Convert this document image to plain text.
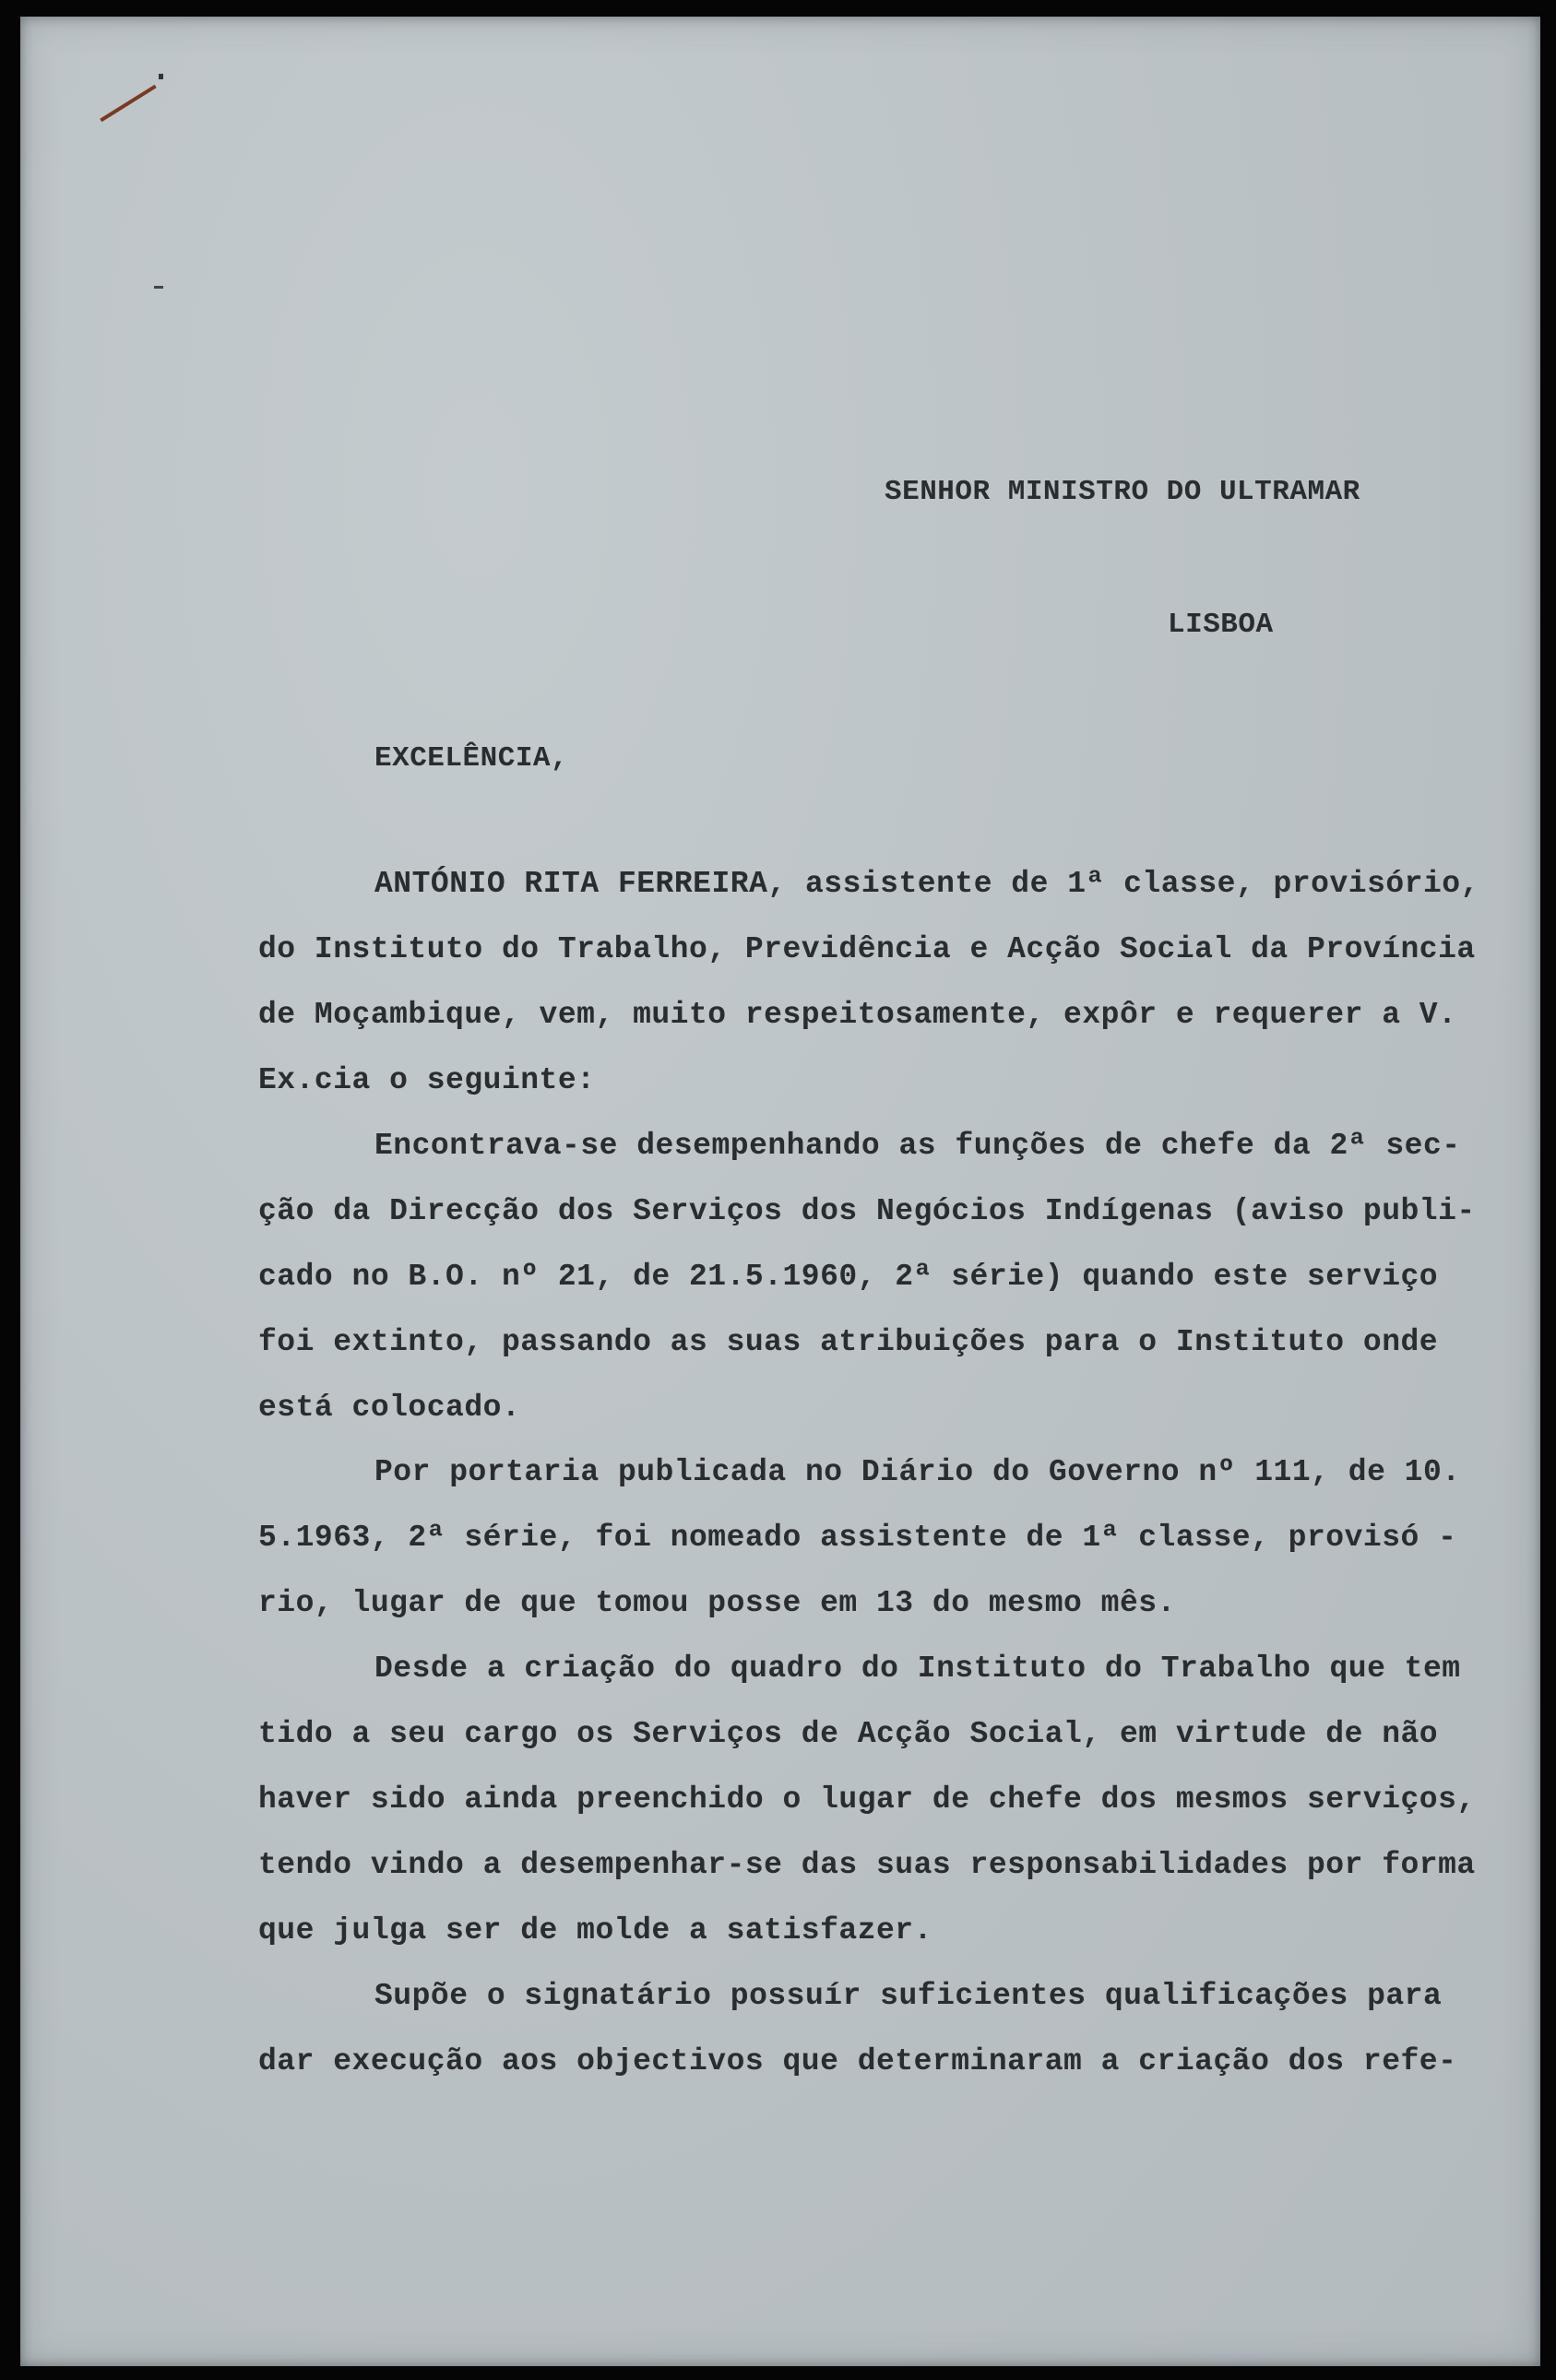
SENHOR MINISTRO DO ULTRAMAR
LISBOA
EXCELÊNCIA,
ANTÓNIO RITA FERREIRA, assistente de 1ª classe, provisório,
do Instituto do Trabalho, Previdência e Acção Social da Província
de Moçambique, vem, muito respeitosamente, expôr e requerer a V.
Ex.cia o seguinte:
Encontrava-se desempenhando as funções de chefe da 2ª sec-
ção da Direcção dos Serviços dos Negócios Indígenas (aviso publi-
cado no B.O. nº 21, de 21.5.1960, 2ª série) quando este serviço
foi extinto, passando as suas atribuições para o Instituto onde
está colocado.
Por portaria publicada no Diário do Governo nº 111, de 10.
5.1963, 2ª série, foi nomeado assistente de 1ª classe, provisó -
rio, lugar de que tomou posse em 13 do mesmo mês.
Desde a criação do quadro do Instituto do Trabalho que tem
tido a seu cargo os Serviços de Acção Social, em virtude de não
haver sido ainda preenchido o lugar de chefe dos mesmos serviços,
tendo vindo a desempenhar-se das suas responsabilidades por forma
que julga ser de molde a satisfazer.
Supõe o signatário possuír suficientes qualificações para
dar execução aos objectivos que determinaram a criação dos refe-
